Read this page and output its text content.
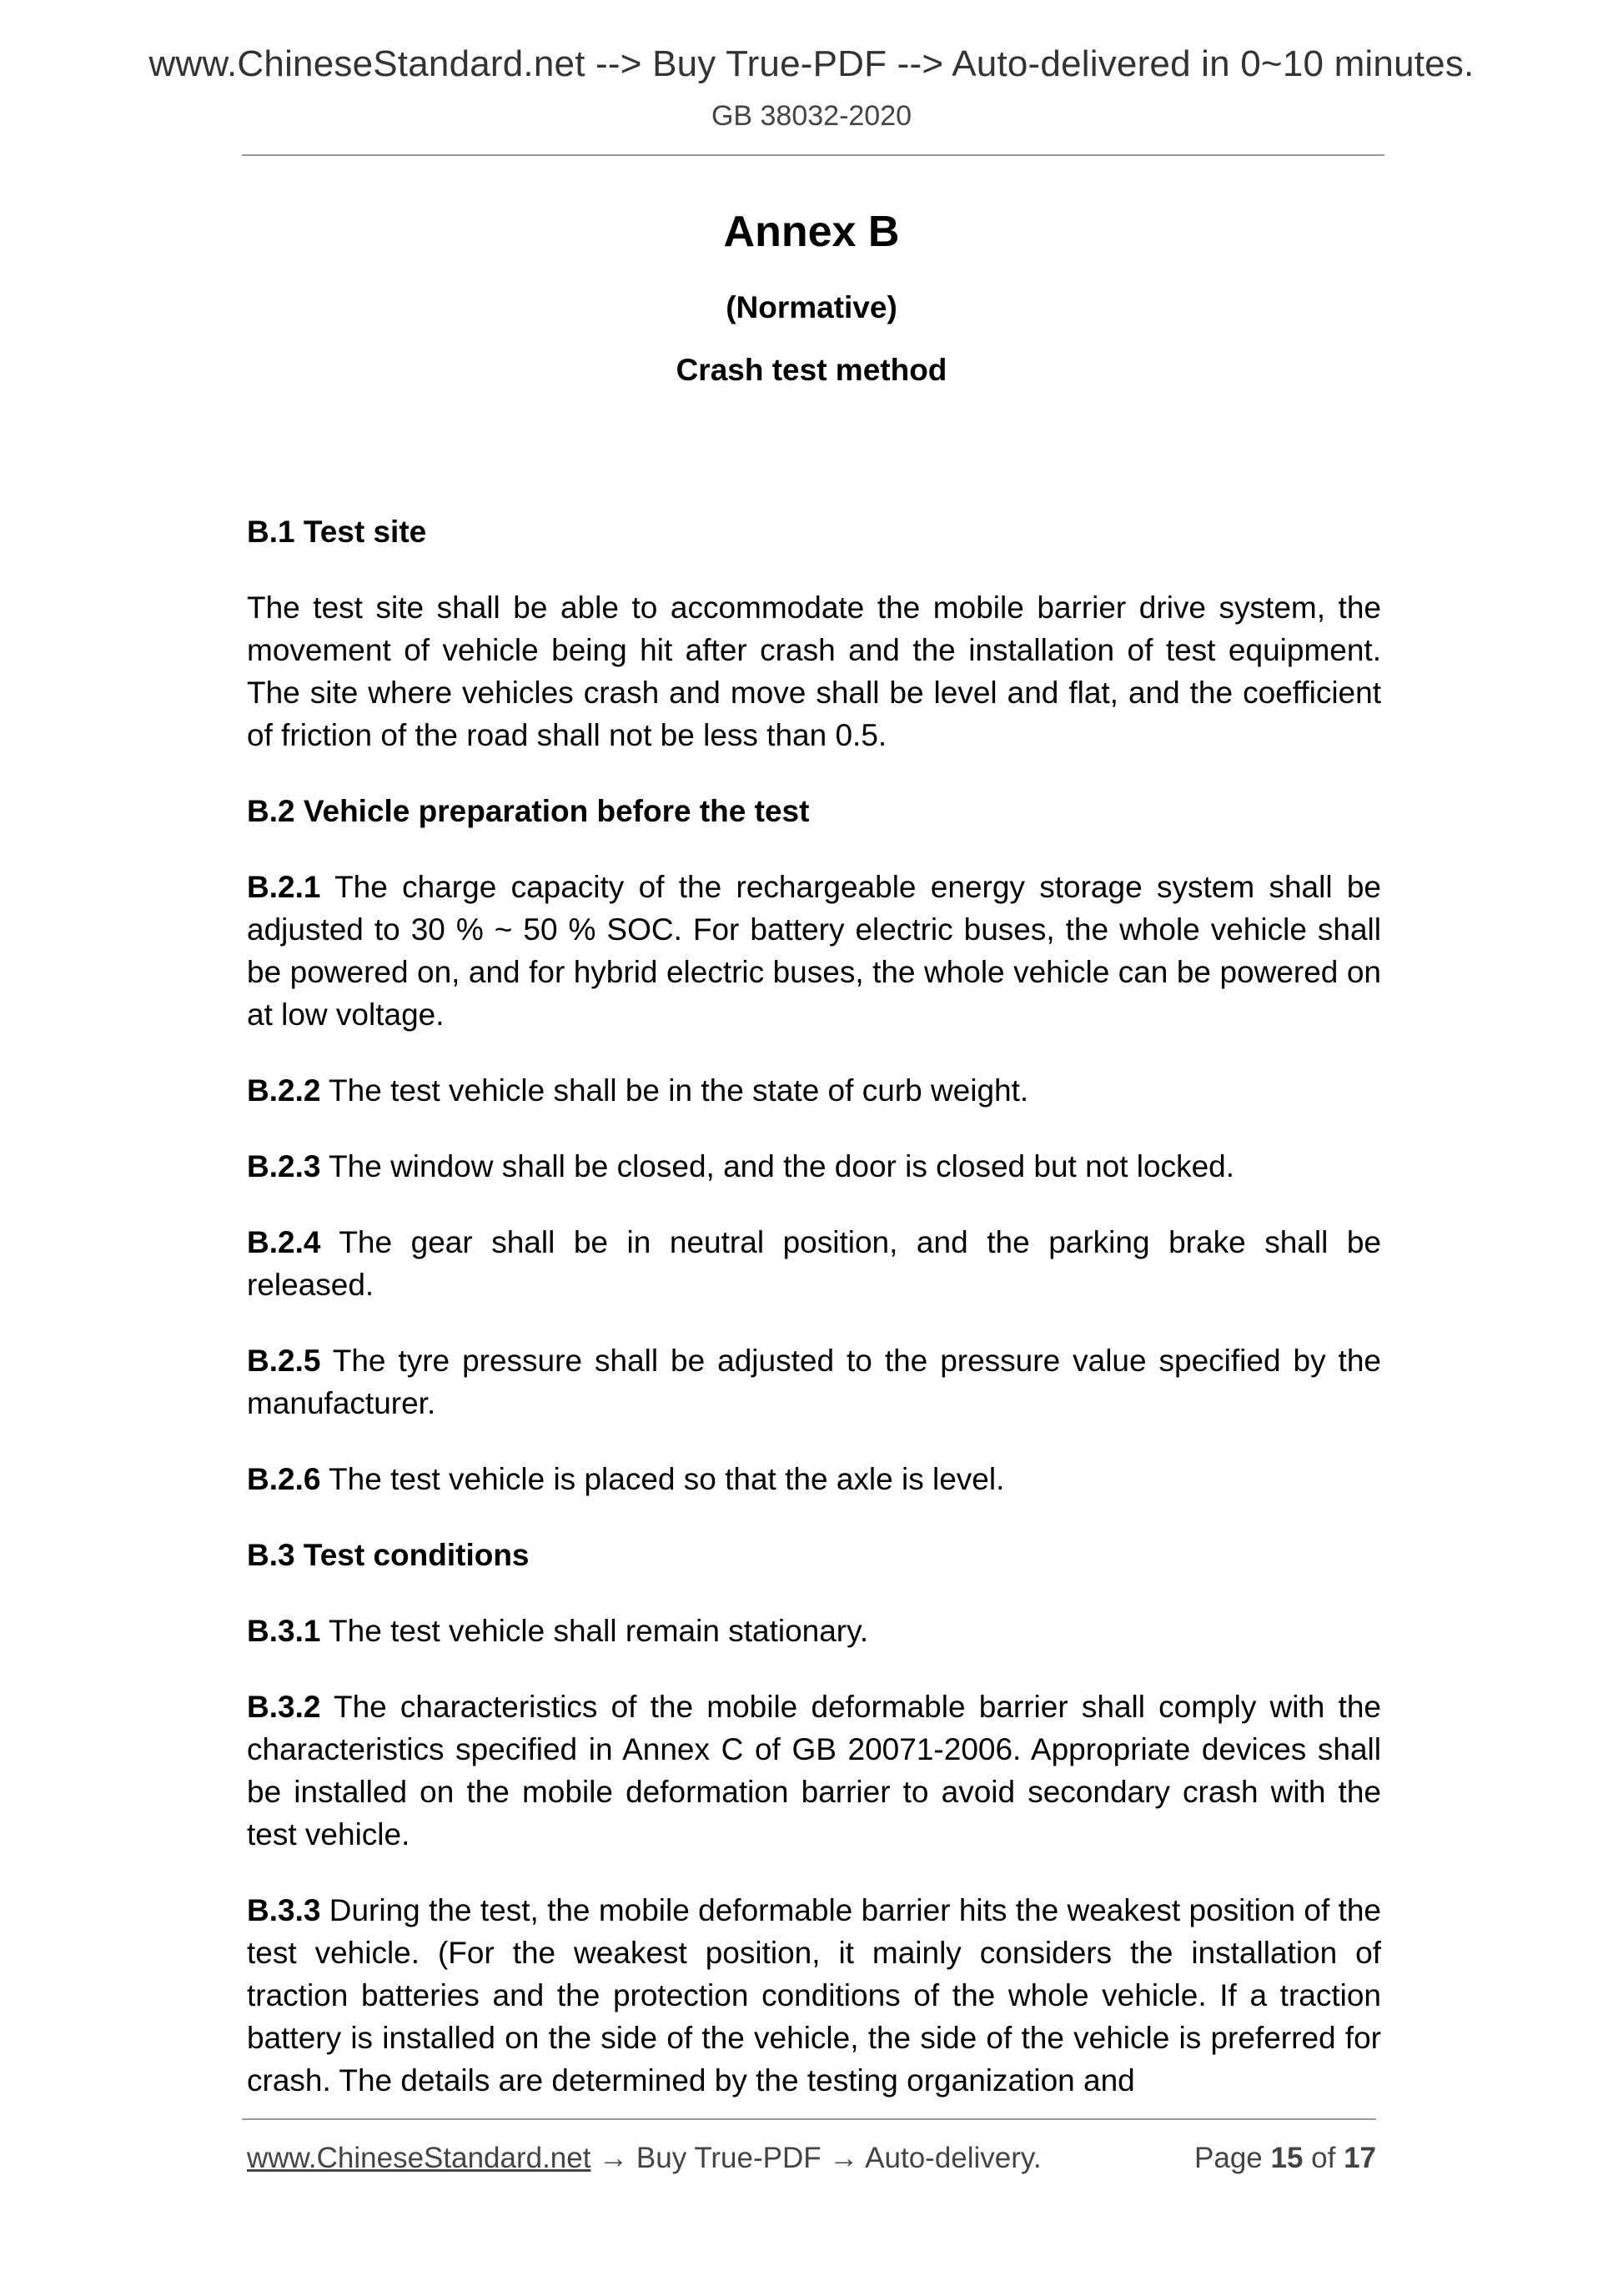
www.ChineseStandard.net --> Buy True-PDF --> Auto-delivered in 0~10 minutes.
GB 38032-2020
Annex B
(Normative)
Crash test method

B.1 Test site

The test site shall be able to accommodate the mobile barrier drive system, the movement of vehicle being hit after crash and the installation of test equipment. The site where vehicles crash and move shall be level and flat, and the coefficient of friction of the road shall not be less than 0.5.

B.2 Vehicle preparation before the test

B.2.1 The charge capacity of the rechargeable energy storage system shall be adjusted to 30 % ~ 50 % SOC. For battery electric buses, the whole vehicle shall be powered on, and for hybrid electric buses, the whole vehicle can be powered on at low voltage.

B.2.2 The test vehicle shall be in the state of curb weight.

B.2.3 The window shall be closed, and the door is closed but not locked.

B.2.4 The gear shall be in neutral position, and the parking brake shall be released.

B.2.5 The tyre pressure shall be adjusted to the pressure value specified by the manufacturer.

B.2.6 The test vehicle is placed so that the axle is level.

B.3 Test conditions

B.3.1 The test vehicle shall remain stationary.

B.3.2 The characteristics of the mobile deformable barrier shall comply with the characteristics specified in Annex C of GB 20071-2006. Appropriate devices shall be installed on the mobile deformation barrier to avoid secondary crash with the test vehicle.

B.3.3 During the test, the mobile deformable barrier hits the weakest position of the test vehicle. (For the weakest position, it mainly considers the installation of traction batteries and the protection conditions of the whole vehicle. If a traction battery is installed on the side of the vehicle, the side of the vehicle is preferred for crash. The details are determined by the testing organization and

www.ChineseStandard.net → Buy True-PDF → Auto-delivery.	Page 15 of 17
